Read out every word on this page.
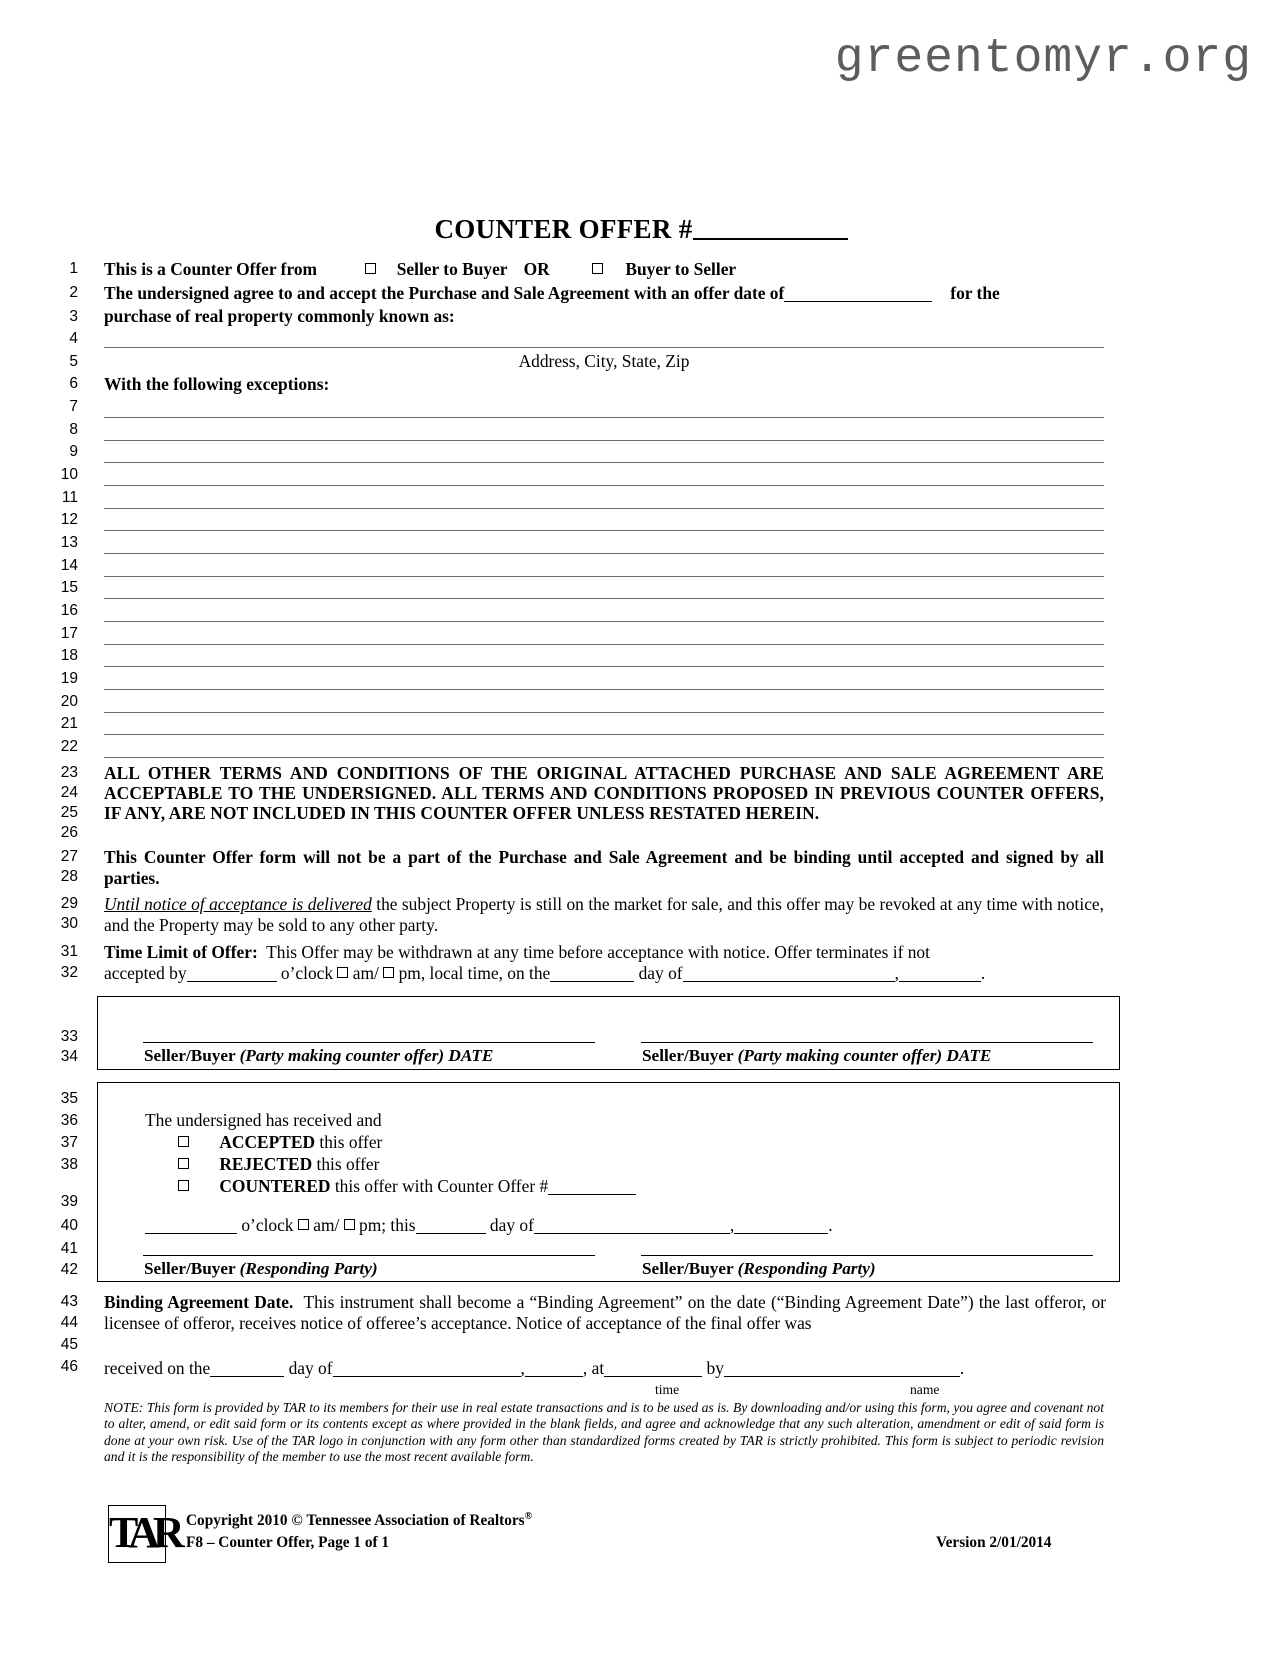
greentomyr.org
COUNTER OFFER #
1
2
3
4
5
6
7
8
9
10
11
12
13
14
15
16
17
18
19
20
21
22
23
24
25
26
27
28
29
30
31
32
33
34
35
36
37
38
39
40
41
42
43
44
45
46
This is a Counter Offer from	Seller to Buyer OR	Buyer to Seller
The undersigned agree to and accept the Purchase and Sale Agreement with an offer date of	for the
purchase of real property commonly known as:
Address, City, State, Zip
With the following exceptions:
ALL OTHER TERMS AND CONDITIONS OF THE ORIGINAL ATTACHED PURCHASE AND SALE AGREEMENT ARE ACCEPTABLE TO THE UNDERSIGNED. ALL TERMS AND CONDITIONS PROPOSED IN PREVIOUS COUNTER OFFERS, IF ANY, ARE NOT INCLUDED IN THIS COUNTER OFFER UNLESS RESTATED HEREIN.
This Counter Offer form will not be a part of the Purchase and Sale Agreement and be binding until accepted and signed by all parties.
Until notice of acceptance is delivered the subject Property is still on the market for sale, and this offer may be revoked at any time with notice, and the Property may be sold to any other party.
Time Limit of Offer: This Offer may be withdrawn at any time before acceptance with notice. Offer terminates if not
accepted by	o’clock am/ pm, local time, on the	day of	,	.
Seller/Buyer (Party making counter offer) DATE	Seller/Buyer (Party making counter offer) DATE
The undersigned has received and
ACCEPTED this offer
REJECTED this offer
COUNTERED this offer with Counter Offer #
o’clock am/ pm; this	day of	,	.
Seller/Buyer (Responding Party)	Seller/Buyer (Responding Party)
Binding Agreement Date. This instrument shall become a “Binding Agreement” on the date (“Binding Agreement Date”) the last offeror, or licensee of offeror, receives notice of offeree’s acceptance. Notice of acceptance of the final offer was
received on the	day of	,	, at	by	.
time	name
NOTE: This form is provided by TAR to its members for their use in real estate transactions and is to be used as is. By downloading and/or using this form, you agree and covenant not to alter, amend, or edit said form or its contents except as where provided in the blank fields, and agree and acknowledge that any such alteration, amendment or edit of said form is done at your own risk. Use of the TAR logo in conjunction with any form other than standardized forms created by TAR is strictly prohibited. This form is subject to periodic revision and it is the responsibility of the member to use the most recent available form.
TAR Copyright 2010 © Tennessee Association of Realtors®
F8 – Counter Offer, Page 1 of 1	Version 2/01/2014
